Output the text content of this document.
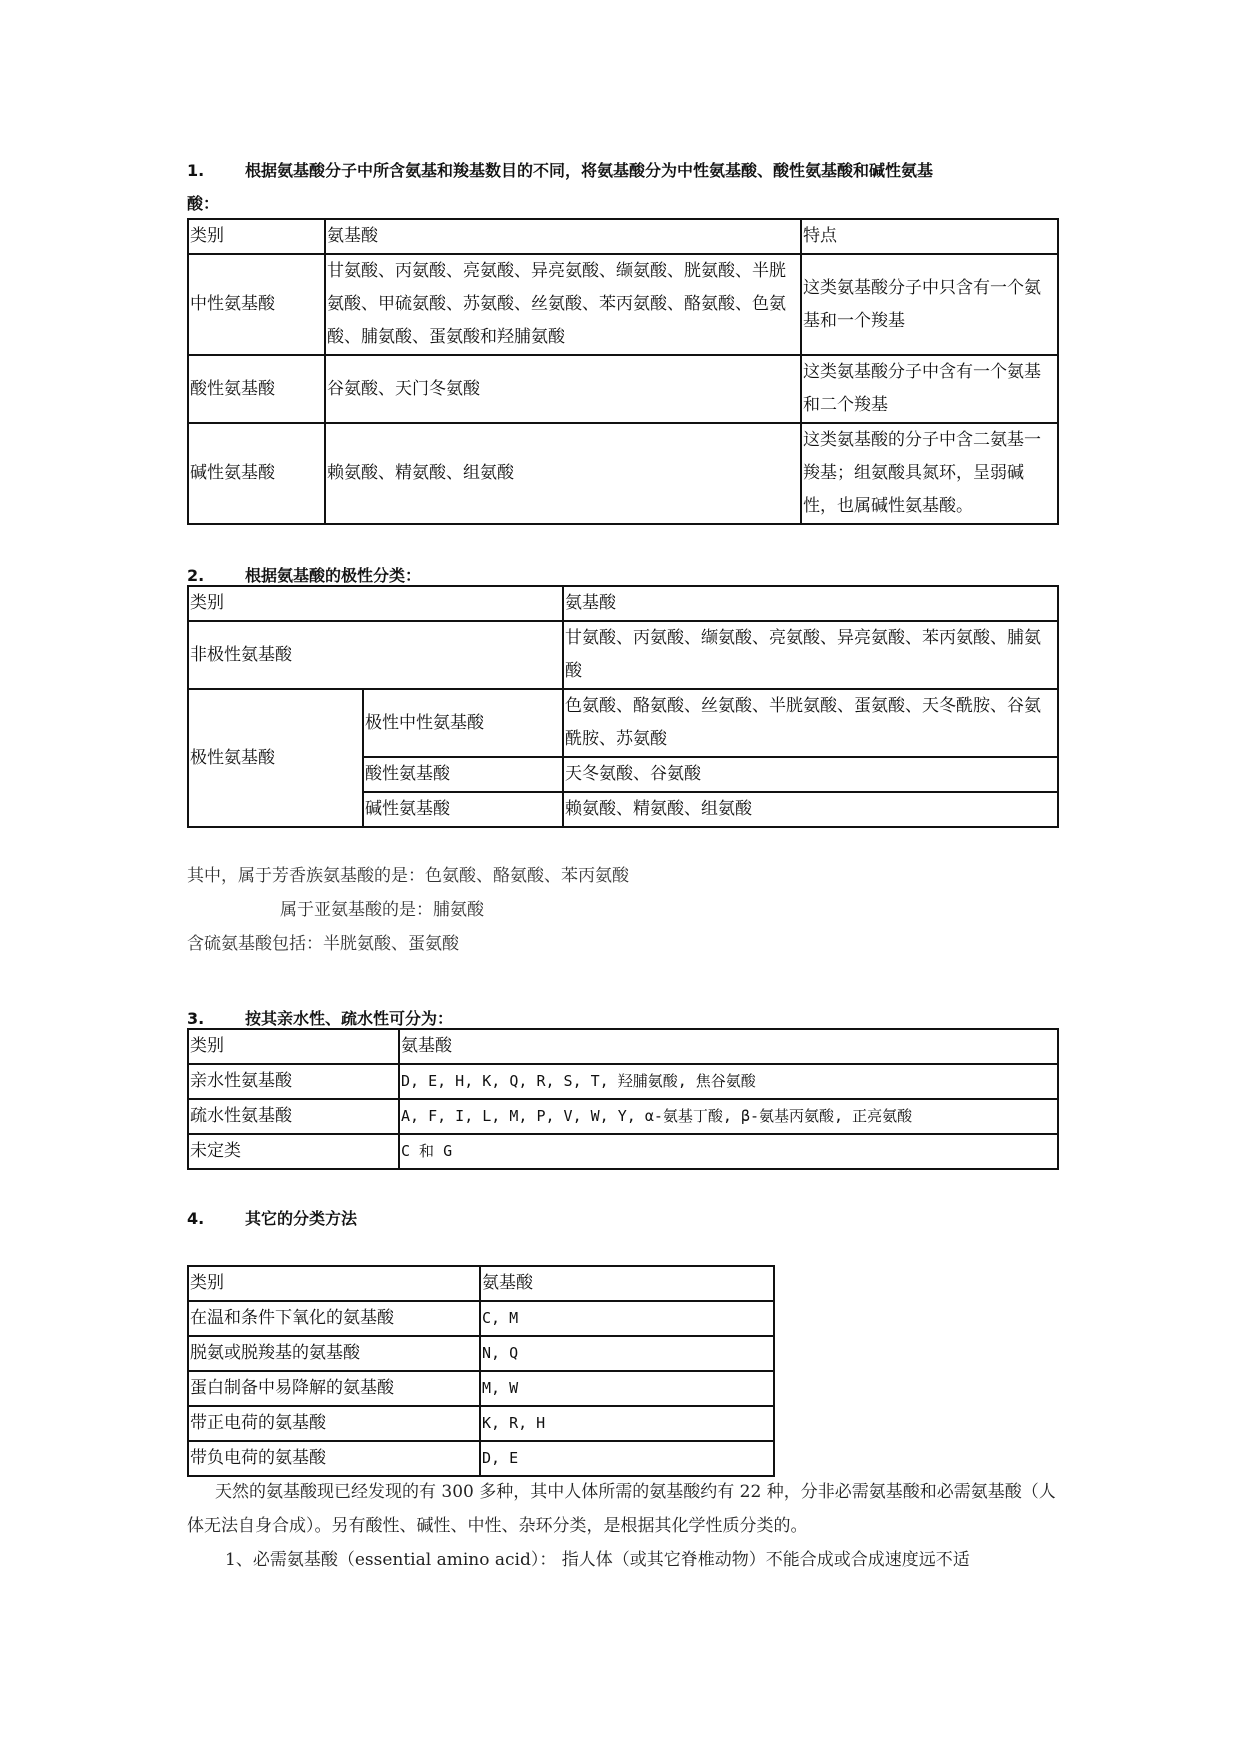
1.	根据氨基酸分子中所含氨基和羧基数目的不同，将氨基酸分为中性氨基酸、酸性氨基酸和碱性氨基
酸：
类别	氨基酸	特点
中性氨基酸	甘氨酸、丙氨酸、亮氨酸、异亮氨酸、缬氨酸、胱氨酸、半胱氨酸、甲硫氨酸、苏氨酸、丝氨酸、苯丙氨酸、酪氨酸、色氨酸、脯氨酸、蛋氨酸和羟脯氨酸	这类氨基酸分子中只含有一个氨基和一个羧基
酸性氨基酸	谷氨酸、天门冬氨酸	这类氨基酸分子中含有一个氨基和二个羧基
碱性氨基酸	赖氨酸、精氨酸、组氨酸	这类氨基酸的分子中含二氨基一羧基；组氨酸具氮环，呈弱碱性，也属碱性氨基酸。
2.	根据氨基酸的极性分类：
类别		氨基酸
非极性氨基酸		甘氨酸、丙氨酸、缬氨酸、亮氨酸、异亮氨酸、苯丙氨酸、脯氨酸
极性氨基酸	极性中性氨基酸	色氨酸、酪氨酸、丝氨酸、半胱氨酸、蛋氨酸、天冬酰胺、谷氨酰胺、苏氨酸
	酸性氨基酸	天冬氨酸、谷氨酸
	碱性氨基酸	赖氨酸、精氨酸、组氨酸
其中，属于芳香族氨基酸的是：色氨酸、酪氨酸、苯丙氨酸
属于亚氨基酸的是：脯氨酸
含硫氨基酸包括：半胱氨酸、蛋氨酸
3.	按其亲水性、疏水性可分为：
类别	氨基酸
亲水性氨基酸	D, E, H, K, Q, R, S, T, 羟脯氨酸, 焦谷氨酸
疏水性氨基酸	A, F, I, L, M, P, V, W, Y, α-氨基丁酸, β-氨基丙氨酸, 正亮氨酸
未定类	C 和 G
4.	其它的分类方法
类别	氨基酸
在温和条件下氧化的氨基酸	C, M
脱氨或脱羧基的氨基酸	N, Q
蛋白制备中易降解的氨基酸	M, W
带正电荷的氨基酸	K, R, H
带负电荷的氨基酸	D, E
天然的氨基酸现已经发现的有 300 多种，其中人体所需的氨基酸约有 22 种，分非必需氨基酸和必需氨基酸（人体无法自身合成）。另有酸性、碱性、中性、杂环分类，是根据其化学性质分类的。
1、必需氨基酸（essential amino acid）： 指人体（或其它脊椎动物）不能合成或合成速度远不适
